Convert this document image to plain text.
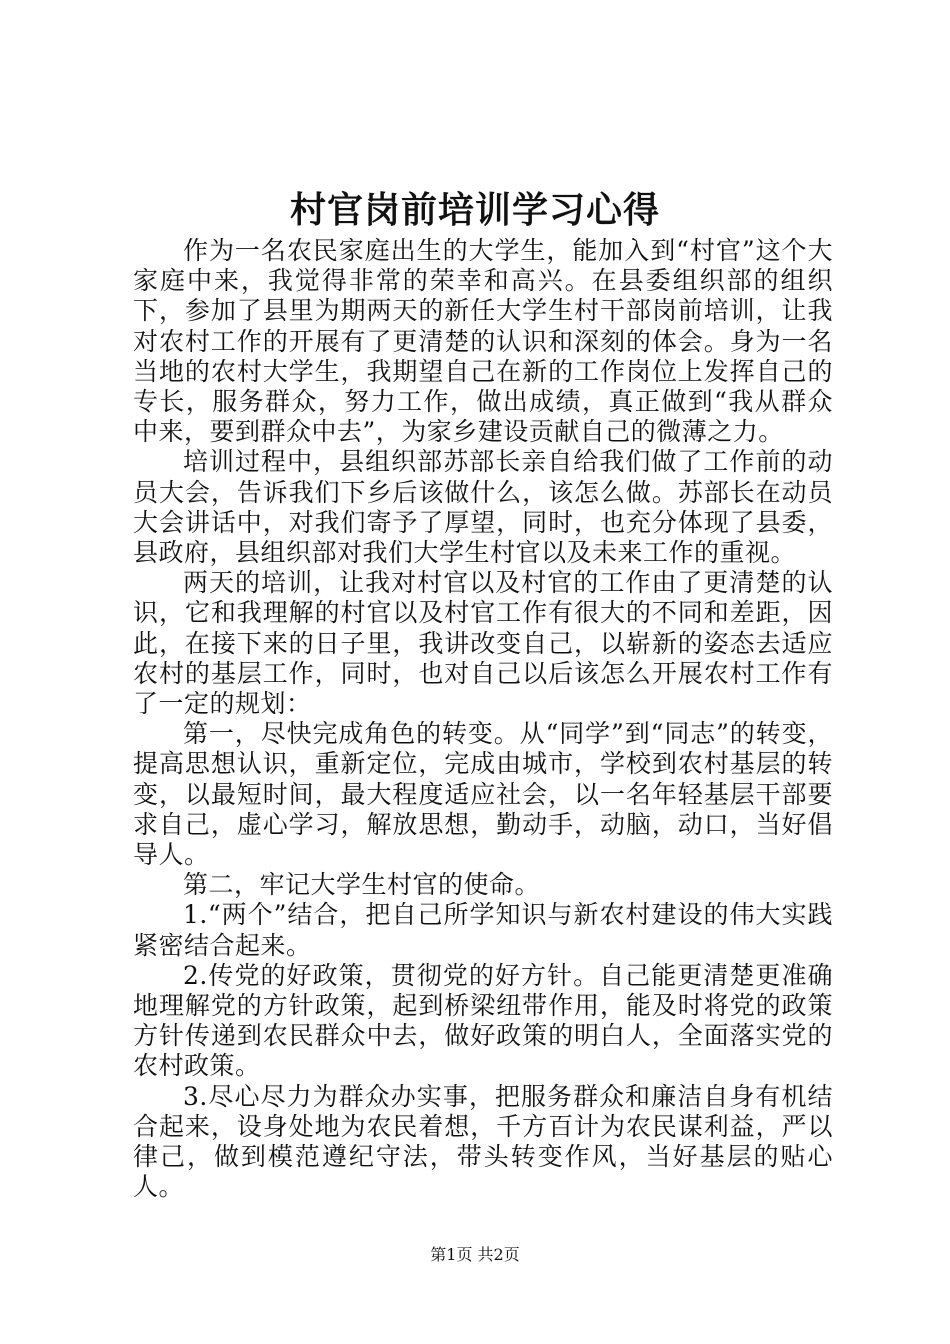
村官岗前培训学习心得

作为一名农民家庭出生的大学生，能加入到“村官”这个大家庭中来，我觉得非常的荣幸和高兴。在县委组织部的组织下，参加了县里为期两天的新任大学生村干部岗前培训，让我对农村工作的开展有了更清楚的认识和深刻的体会。身为一名当地的农村大学生，我期望自己在新的工作岗位上发挥自己的专长，服务群众，努力工作，做出成绩，真正做到“我从群众中来，要到群众中去”，为家乡建设贡献自己的微薄之力。

培训过程中，县组织部苏部长亲自给我们做了工作前的动员大会，告诉我们下乡后该做什么，该怎么做。苏部长在动员大会讲话中，对我们寄予了厚望，同时，也充分体现了县委，县政府，县组织部对我们大学生村官以及未来工作的重视。

两天的培训，让我对村官以及村官的工作由了更清楚的认识，它和我理解的村官以及村官工作有很大的不同和差距，因此，在接下来的日子里，我讲改变自己，以崭新的姿态去适应农村的基层工作，同时，也对自己以后该怎么开展农村工作有了一定的规划：

第一，尽快完成角色的转变。从“同学”到“同志”的转变，提高思想认识，重新定位，完成由城市，学校到农村基层的转变，以最短时间，最大程度适应社会，以一名年轻基层干部要求自己，虚心学习，解放思想，勤动手，动脑，动口，当好倡导人。

第二，牢记大学生村官的使命。

1.“两个”结合，把自己所学知识与新农村建设的伟大实践紧密结合起来。

2.传党的好政策，贯彻党的好方针。自己能更清楚更准确地理解党的方针政策，起到桥梁纽带作用，能及时将党的政策方针传递到农民群众中去，做好政策的明白人，全面落实党的农村政策。

3.尽心尽力为群众办实事，把服务群众和廉洁自身有机结合起来，设身处地为农民着想，千方百计为农民谋利益，严以律己，做到模范遵纪守法，带头转变作风，当好基层的贴心人。

第1页 共2页
